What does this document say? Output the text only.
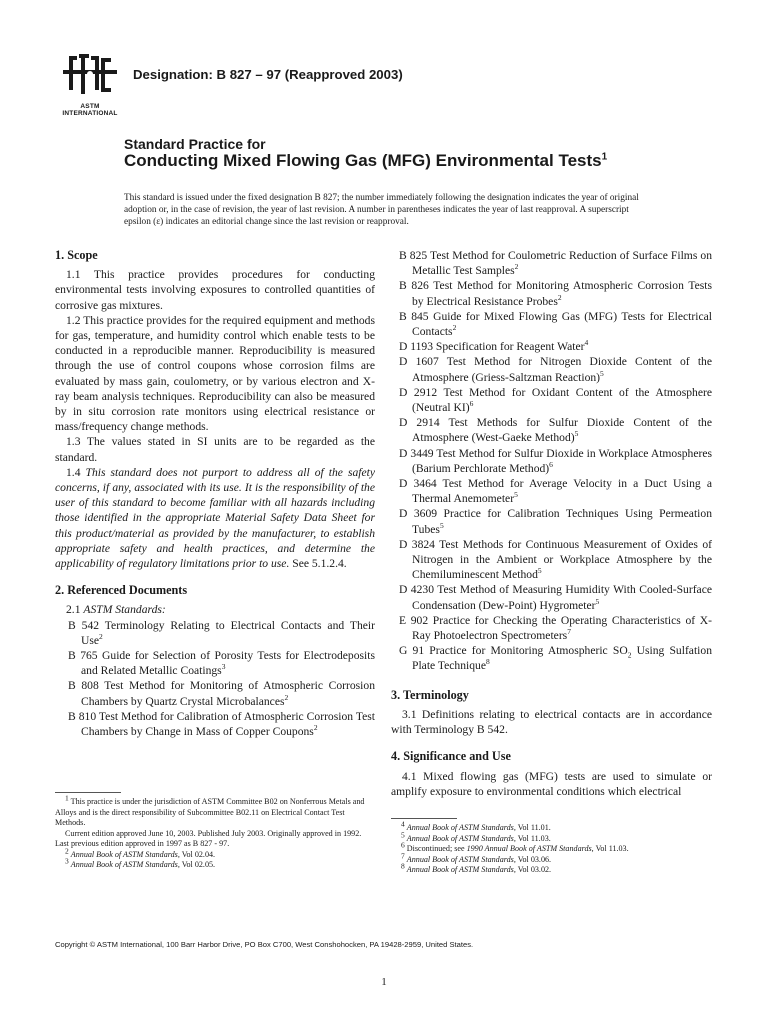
ASTM INTERNATIONAL
Designation: B 827 – 97 (Reapproved 2003)
Standard Practice for
Conducting Mixed Flowing Gas (MFG) Environmental Tests$^1$
This standard is issued under the fixed designation B 827; the number immediately following the designation indicates the year of original adoption or, in the case of revision, the year of last revision. A number in parentheses indicates the year of last reapproval. A superscript epsilon (ε) indicates an editorial change since the last revision or reapproval.
1. Scope
1.1 This practice provides procedures for conducting environmental tests involving exposures to controlled quantities of corrosive gas mixtures.
1.2 This practice provides for the required equipment and methods for gas, temperature, and humidity control which enable tests to be conducted in a reproducible manner. Reproducibility is measured through the use of control coupons whose corrosion films are evaluated by mass gain, coulometry, or by various electron and X-ray beam analysis techniques. Reproducibility can also be measured by in situ corrosion rate monitors using electrical resistance or mass/frequency change methods.
1.3 The values stated in SI units are to be regarded as the standard.
1.4 This standard does not purport to address all of the safety concerns, if any, associated with its use. It is the responsibility of the user of this standard to become familiar with all hazards including those identified in the appropriate Material Safety Data Sheet for this product/material as provided by the manufacturer, to establish appropriate safety and health practices, and determine the applicability of regulatory limitations prior to use. See 5.1.2.4.
2. Referenced Documents
2.1 ASTM Standards:
B 542 Terminology Relating to Electrical Contacts and Their Use$^2$
B 765 Guide for Selection of Porosity Tests for Electrodeposits and Related Metallic Coatings$^3$
B 808 Test Method for Monitoring of Atmospheric Corrosion Chambers by Quartz Crystal Microbalances$^2$
B 810 Test Method for Calibration of Atmospheric Corrosion Test Chambers by Change in Mass of Copper Coupons$^2$
B 825 Test Method for Coulometric Reduction of Surface Films on Metallic Test Samples$^2$
B 826 Test Method for Monitoring Atmospheric Corrosion Tests by Electrical Resistance Probes$^2$
B 845 Guide for Mixed Flowing Gas (MFG) Tests for Electrical Contacts$^2$
D 1193 Specification for Reagent Water$^4$
D 1607 Test Method for Nitrogen Dioxide Content of the Atmosphere (Griess-Saltzman Reaction)$^5$
D 2912 Test Method for Oxidant Content of the Atmosphere (Neutral KI)$^6$
D 2914 Test Methods for Sulfur Dioxide Content of the Atmosphere (West-Gaeke Method)$^5$
D 3449 Test Method for Sulfur Dioxide in Workplace Atmospheres (Barium Perchlorate Method)$^6$
D 3464 Test Method for Average Velocity in a Duct Using a Thermal Anemometer$^5$
D 3609 Practice for Calibration Techniques Using Permeation Tubes$^5$
D 3824 Test Methods for Continuous Measurement of Oxides of Nitrogen in the Ambient or Workplace Atmosphere by the Chemiluminescent Method$^5$
D 4230 Test Method of Measuring Humidity With Cooled-Surface Condensation (Dew-Point) Hygrometer$^5$
E 902 Practice for Checking the Operating Characteristics of X-Ray Photoelectron Spectrometers$^7$
G 91 Practice for Monitoring Atmospheric $SO_2$ Using Sulfation Plate Technique$^8$
3. Terminology
3.1 Definitions relating to electrical contacts are in accordance with Terminology B 542.
4. Significance and Use
4.1 Mixed flowing gas (MFG) tests are used to simulate or amplify exposure to environmental conditions which electrical
$^1$ This practice is under the jurisdiction of ASTM Committee B02 on Nonferrous Metals and Alloys and is the direct responsibility of Subcommittee B02.11 on Electrical Contact Test Methods.
Current edition approved June 10, 2003. Published July 2003. Originally approved in 1992. Last previous edition approved in 1997 as B 827 - 97.
$^2$ Annual Book of ASTM Standards, Vol 02.04.
$^3$ Annual Book of ASTM Standards, Vol 02.05.
$^4$ Annual Book of ASTM Standards, Vol 11.01.
$^5$ Annual Book of ASTM Standards, Vol 11.03.
$^6$ Discontinued; see 1990 Annual Book of ASTM Standards, Vol 11.03.
$^7$ Annual Book of ASTM Standards, Vol 03.06.
$^8$ Annual Book of ASTM Standards, Vol 03.02.
Copyright © ASTM International, 100 Barr Harbor Drive, PO Box C700, West Conshohocken, PA 19428-2959, United States.
1
